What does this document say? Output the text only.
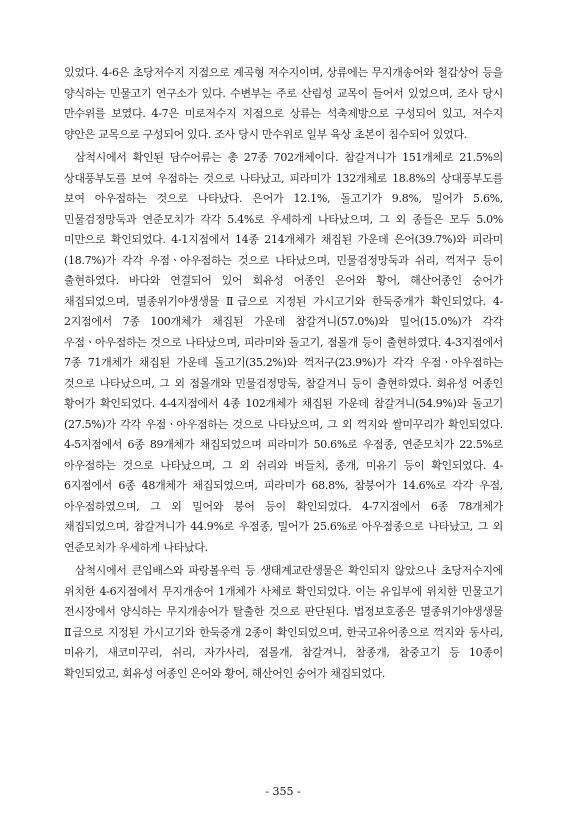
있었다. 4-6은 초당저수지 지점으로 계곡형 저수지이며, 상류에는 무지개송어와 철갑상어 등을 양식하는 민물고기 연구소가 있다. 수변부는 주로 산림성 교목이 들어서 있었으며, 조사 당시 만수위를 보였다. 4-7은 미로저수지 지점으로 상류는 석축제방으로 구성되어 있고, 저수지 양안은 교목으로 구성되어 있다. 조사 당시 만수위로 일부 육상 초본이 침수되어 있었다.

삼척시에서 확인된 담수어류는 총 27종 702개체이다. 참갈겨니가 151개체로 21.5%의 상대풍부도를 보여 우점하는 것으로 나타났고, 피라미가 132개체로 18.8%의 상대풍부도를 보여 아우점하는 것으로 나타났다. 은어가 12.1%, 돌고기가 9.8%, 밀어가 5.6%, 민물검정망둑과 연준모치가 각각 5.4%로 우세하게 나타났으며, 그 외 종들은 모두 5.0% 미만으로 확인되었다. 4-1지점에서 14종 214개체가 채집된 가운데 은어(39.7%)와 피라미(18.7%)가 각각 우점ㆍ아우점하는 것으로 나타났으며, 민물검정망둑과 쉬리, 꺽저구 등이 출현하였다. 바다와 연결되어 있어 회유성 어종인 은어와 황어, 해산어종인 숭어가 채집되었으며, 멸종위기야생생물 Ⅱ급으로 지정된 가시고기와 한둑중개가 확인되었다. 4-2지점에서 7종 100개체가 채집된 가운데 참갈겨니(57.0%)와 밀어(15.0%)가 각각 우점ㆍ아우점하는 것으로 나타났으며, 피라미와 돌고기, 점몰개 등이 출현하였다. 4-3지점에서 7종 71개체가 채집된 가운데 돌고기(35.2%)와 꺽저구(23.9%)가 각각 우점ㆍ아우점하는 것으로 나타났으며, 그 외 점몰개와 민물검정망둑, 참갈겨니 등이 출현하였다. 회유성 어종인 황어가 확인되었다. 4-4지점에서 4종 102개체가 채집된 가운데 참갈겨니(54.9%)와 돌고기(27.5%)가 각각 우점ㆍ아우점하는 것으로 나타났으며, 그 외 꺽지와 쌀미꾸리가 확인되었다. 4-5지점에서 6종 89개체가 채집되었으며 피라미가 50.6%로 우점종, 연준모치가 22.5%로 아우점하는 것으로 나타났으며, 그 외 쉬리와 버들치, 종개, 미유기 등이 확인되었다. 4-6지점에서 6종 48개체가 채집되었으며, 피라미가 68.8%, 참붕어가 14.6%로 각각 우점, 아우점하였으며, 그 외 밀어와 붕어 등이 확인되었다. 4-7지점에서 6종 78개체가 채집되었으며, 참갈겨니가 44.9%로 우점종, 밀어가 25.6%로 아우점종으로 나타났고, 그 외 연준모치가 우세하게 나타났다.

삼척시에서 큰입배스와 파랑볼우럭 등 생태계교란생물은 확인되지 않았으나 초당저수지에 위치한 4-6지점에서 무지개송어 1개체가 사체로 확인되었다. 이는 유입부에 위치한 민물고기 전시장에서 양식하는 무지개송어가 탈출한 것으로 판단된다. 법정보호종은 멸종위기야생생물 Ⅱ급으로 지정된 가시고기와 한둑중개 2종이 확인되었으며, 한국고유어종으로 꺽지와 동사리, 미유기, 새코미꾸리, 쉬리, 자가사리, 점몰개, 참갈겨니, 참종개, 참중고기 등 10종이 확인되었고, 회유성 어종인 은어와 황어, 해산어인 숭어가 채집되었다.

- 355 -
